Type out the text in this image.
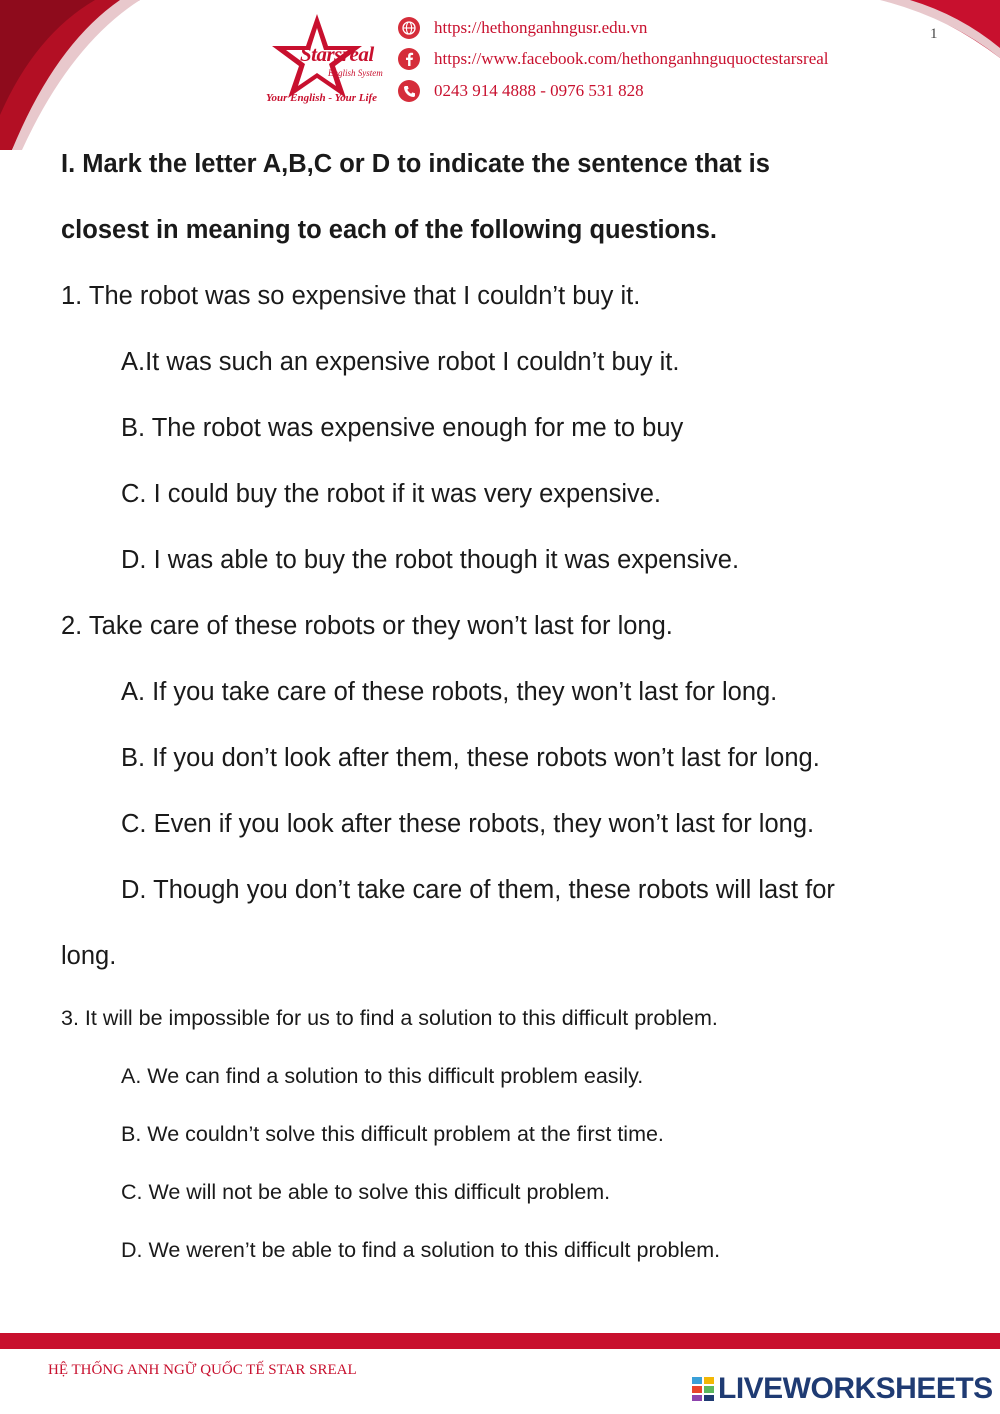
1
Starsreal
English System
Your English - Your Life
https://hethonganhngusr.edu.vn
https://www.facebook.com/hethonganhnguquoctestarsreal
0243 914 4888 - 0976 531 828
I. Mark the letter A,B,C or D to indicate the sentence that is
closest in meaning to each of the following questions.
1. The robot was so expensive that I couldn’t buy it.
A.It was such an expensive robot I couldn’t buy it.
B. The robot was expensive enough for me to buy
C. I could buy the robot if it was very expensive.
D. I was able to buy the robot though it was expensive.
2. Take care of these robots or they won’t last for long.
A. If you take care of these robots, they won’t last for long.
B. If you don’t look after them, these robots won’t last for long.
C. Even if you look after these robots, they won’t last for long.
D. Though you don’t take care of them, these robots will last for
long.
3. It will be impossible for us to find a solution to this difficult problem.
A. We can find a solution to this difficult problem easily.
B. We couldn’t solve this difficult problem at the first time.
C. We will not be able to solve this difficult problem.
D. We weren’t be able to find a solution to this difficult problem.
HỆ THỐNG ANH NGỮ QUỐC TẾ STAR SREAL
LIVEWORKSHEETS
